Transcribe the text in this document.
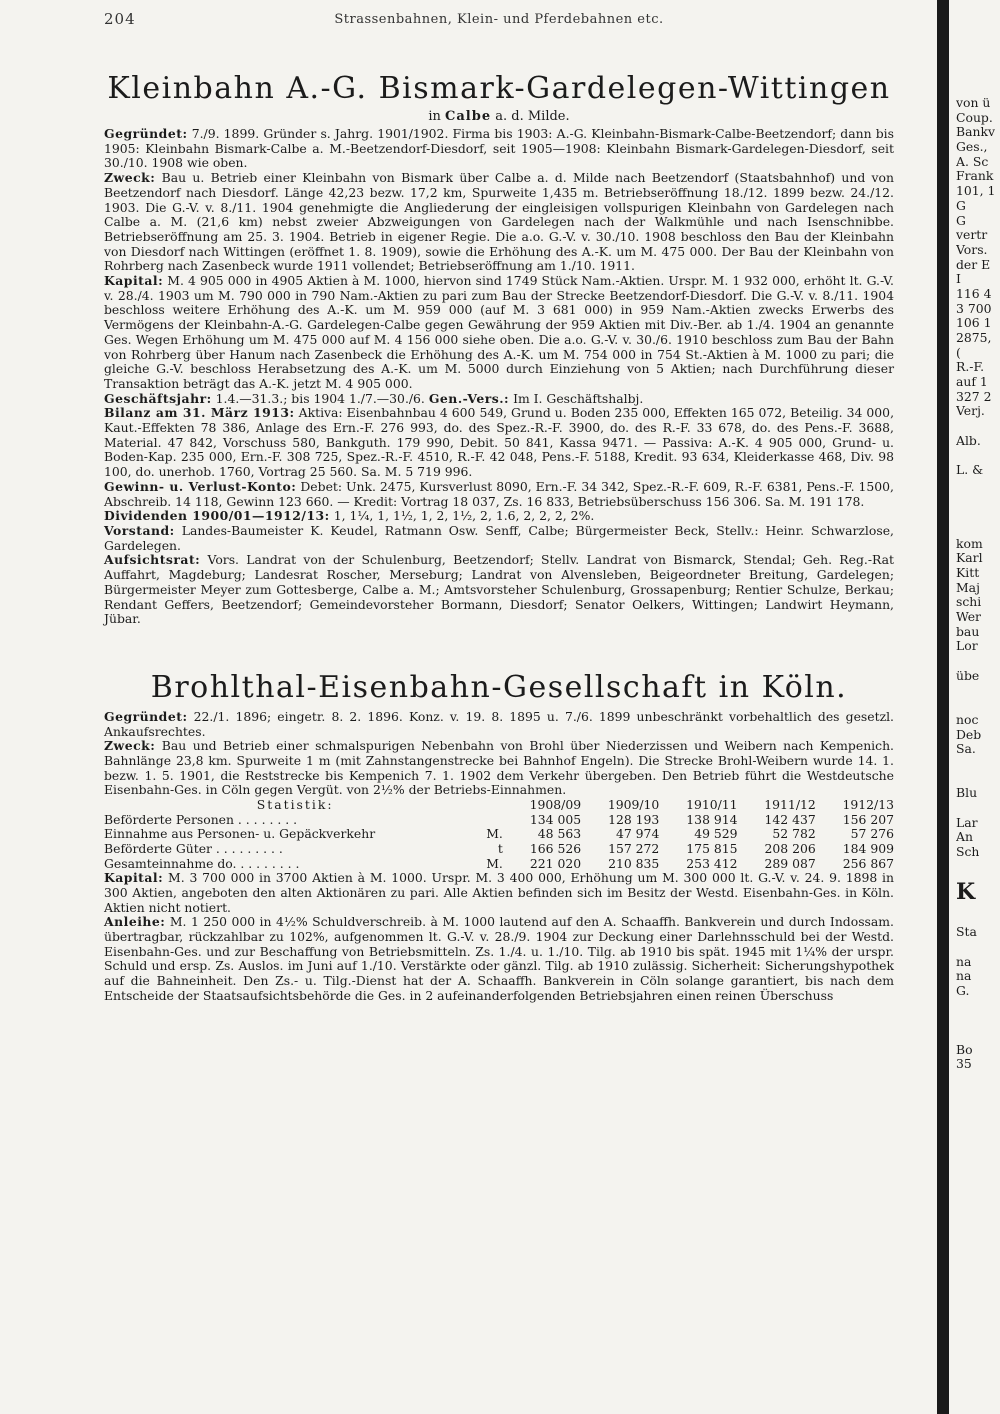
204	Strassenbahnen, Klein- und Pferdebahnen etc.
Kleinbahn A.-G. Bismark-Gardelegen-Wittingen
in Calbe a. d. Milde.

Gegründet: 7./9. 1899. Gründer s. Jahrg. 1901/1902. Firma bis 1903: A.-G. Kleinbahn-Bismark-Calbe-Beetzendorf; dann bis 1905: Kleinbahn Bismark-Calbe a. M.-Beetzendorf-Diesdorf, seit 1905—1908: Kleinbahn Bismark-Gardelegen-Diesdorf, seit 30./10. 1908 wie oben.

Zweck: Bau u. Betrieb einer Kleinbahn von Bismark über Calbe a. d. Milde nach Beetzendorf (Staatsbahnhof) und von Beetzendorf nach Diesdorf. Länge 42,23 bezw. 17,2 km, Spurweite 1,435 m. Betriebseröffnung 18./12. 1899 bezw. 24./12. 1903. Die G.-V. v. 8./11. 1904 genehmigte die Angliederung der eingleisigen vollspurigen Kleinbahn von Gardelegen nach Calbe a. M. (21,6 km) nebst zweier Abzweigungen von Gardelegen nach der Walkmühle und nach Isenschnibbe. Betriebseröffnung am 25. 3. 1904. Betrieb in eigener Regie. Die a.o. G.-V. v. 30./10. 1908 beschloss den Bau der Kleinbahn von Diesdorf nach Wittingen (eröffnet 1. 8. 1909), sowie die Erhöhung des A.-K. um M. 475 000. Der Bau der Kleinbahn von Rohrberg nach Zasenbeck wurde 1911 vollendet; Betriebseröffnung am 1./10. 1911.

Kapital: M. 4 905 000 in 4905 Aktien à M. 1000, hiervon sind 1749 Stück Nam.-Aktien. Urspr. M. 1 932 000, erhöht lt. G.-V. v. 28./4. 1903 um M. 790 000 in 790 Nam.-Aktien zu pari zum Bau der Strecke Beetzendorf-Diesdorf. Die G.-V. v. 8./11. 1904 beschloss weitere Erhöhung des A.-K. um M. 959 000 (auf M. 3 681 000) in 959 Nam.-Aktien zwecks Erwerbs des Vermögens der Kleinbahn-A.-G. Gardelegen-Calbe gegen Gewährung der 959 Aktien mit Div.-Ber. ab 1./4. 1904 an genannte Ges. Wegen Erhöhung um M. 475 000 auf M. 4 156 000 siehe oben. Die a.o. G.-V. v. 30./6. 1910 beschloss zum Bau der Bahn von Rohrberg über Hanum nach Zasenbeck die Erhöhung des A.-K. um M. 754 000 in 754 St.-Aktien à M. 1000 zu pari; die gleiche G.-V. beschloss Herabsetzung des A.-K. um M. 5000 durch Einziehung von 5 Aktien; nach Durchführung dieser Transaktion beträgt das A.-K. jetzt M. 4 905 000.

Geschäftsjahr: 1.4.—31.3.; bis 1904 1./7.—30./6. Gen.-Vers.: Im I. Geschäftshalbj.

Bilanz am 31. März 1913: Aktiva: Eisenbahnbau 4 600 549, Grund u. Boden 235 000, Effekten 165 072, Beteilig. 34 000, Kaut.-Effekten 78 386, Anlage des Ern.-F. 276 993, do. des Spez.-R.-F. 3900, do. des R.-F. 33 678, do. des Pens.-F. 3688, Material. 47 842, Vorschuss 580, Bankguth. 179 990, Debit. 50 841, Kassa 9471. — Passiva: A.-K. 4 905 000, Grund- u. Boden-Kap. 235 000, Ern.-F. 308 725, Spez.-R.-F. 4510, R.-F. 42 048, Pens.-F. 5188, Kredit. 93 634, Kleiderkasse 468, Div. 98 100, do. unerhob. 1760, Vortrag 25 560. Sa. M. 5 719 996.

Gewinn- u. Verlust-Konto: Debet: Unk. 2475, Kursverlust 8090, Ern.-F. 34 342, Spez.-R.-F. 609, R.-F. 6381, Pens.-F. 1500, Abschreib. 14 118, Gewinn 123 660. — Kredit: Vortrag 18 037, Zs. 16 833, Betriebsüberschuss 156 306. Sa. M. 191 178.

Dividenden 1900/01—1912/13: 1, 1¼, 1, 1½, 1, 2, 1½, 2, 1.6, 2, 2, 2, 2%.

Vorstand: Landes-Baumeister K. Keudel, Ratmann Osw. Senff, Calbe; Bürgermeister Beck, Stellv.: Heinr. Schwarzlose, Gardelegen.

Aufsichtsrat: Vors. Landrat von der Schulenburg, Beetzendorf; Stellv. Landrat von Bismarck, Stendal; Geh. Reg.-Rat Auffahrt, Magdeburg; Landesrat Roscher, Merseburg; Landrat von Alvensleben, Beigeordneter Breitung, Gardelegen; Bürgermeister Meyer zum Gottesberge, Calbe a. M.; Amtsvorsteher Schulenburg, Grossapenburg; Rentier Schulze, Berkau; Rendant Geffers, Beetzendorf; Gemeindevorsteher Bormann, Diesdorf; Senator Oelkers, Wittingen; Landwirt Heymann, Jübar.

Brohlthal-Eisenbahn-Gesellschaft in Köln.

Gegründet: 22./1. 1896; eingetr. 8. 2. 1896. Konz. v. 19. 8. 1895 u. 7./6. 1899 unbeschränkt vorbehaltlich des gesetzl. Ankaufsrechtes.

Zweck: Bau und Betrieb einer schmalspurigen Nebenbahn von Brohl über Niederzissen und Weibern nach Kempenich. Bahnlänge 23,8 km. Spurweite 1 m (mit Zahnstangenstrecke bei Bahnhof Engeln). Die Strecke Brohl-Weibern wurde 14. 1. bezw. 1. 5. 1901, die Reststrecke bis Kempenich 7. 1. 1902 dem Verkehr übergeben. Den Betrieb führt die Westdeutsche Eisenbahn-Ges. in Cöln gegen Vergüt. von 2½% der Betriebs-Einnahmen.

Statistik:		1908/09	1909/10	1910/11	1911/12	1912/13
Beförderte Personen . . . . . . . .		134 005	128 193	138 914	142 437	156 207
Einnahme aus Personen- u. Gepäckverkehr	M.	48 563	47 974	49 529	52 782	57 276
Beförderte Güter . . . . . . . . .	t	166 526	157 272	175 815	208 206	184 909
Gesamteinnahme do. . . . . . . . .	M.	221 020	210 835	253 412	289 087	256 867

Kapital: M. 3 700 000 in 3700 Aktien à M. 1000. Urspr. M. 3 400 000, Erhöhung um M. 300 000 lt. G.-V. v. 24. 9. 1898 in 300 Aktien, angeboten den alten Aktionären zu pari. Alle Aktien befinden sich im Besitz der Westd. Eisenbahn-Ges. in Köln. Aktien nicht notiert.

Anleihe: M. 1 250 000 in 4½% Schuldverschreib. à M. 1000 lautend auf den A. Schaaffh. Bankverein und durch Indossam. übertragbar, rückzahlbar zu 102%, aufgenommen lt. G.-V. v. 28./9. 1904 zur Deckung einer Darlehnsschuld bei der Westd. Eisenbahn-Ges. und zur Beschaffung von Betriebsmitteln. Zs. 1./4. u. 1./10. Tilg. ab 1910 bis spät. 1945 mit 1¼% der urspr. Schuld und ersp. Zs. Auslos. im Juni auf 1./10. Verstärkte oder gänzl. Tilg. ab 1910 zulässig. Sicherheit: Sicherungshypothek auf die Bahneinheit. Den Zs.- u. Tilg.-Dienst hat der A. Schaaffh. Bankverein in Cöln solange garantiert, bis nach dem Entscheide der Staatsaufsichtsbehörde die Ges. in 2 aufeinanderfolgenden Betriebsjahren einen reinen Überschuss

von ü
Coup.
Bankv
Ges.,
A. Sc
Frank
101, 1
G
G
vertr
Vors.
der E
I
116 4
3 700
106 1
2875,
(
R.-F.
auf 1
327 2
Verj.
Alb.
L. &
kom
Karl
Kitt
Maj
schi
Wer
bau
Lor
übe
noc
Deb
Sa.
Blu
Lar
An
Sch
K
Sta
na
na
G.
Bo
35
